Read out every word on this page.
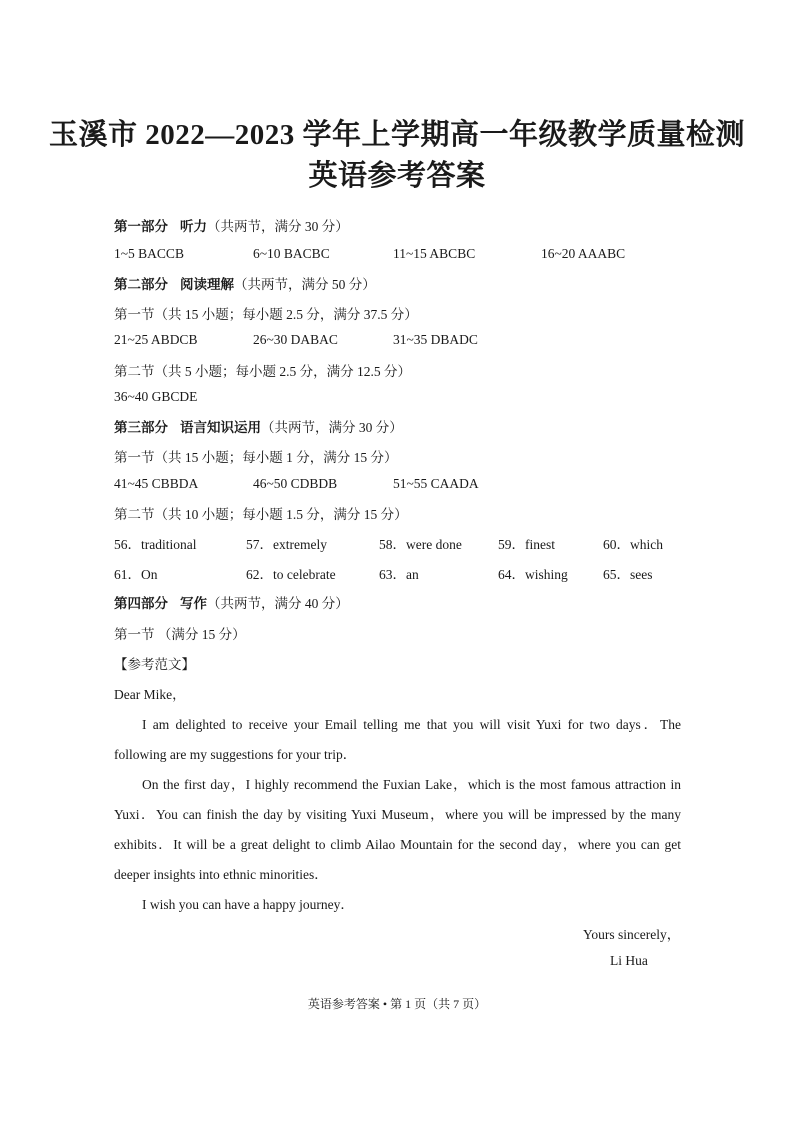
玉溪市 2022—2023 学年上学期高一年级教学质量检测
英语参考答案
第一部分 听力（共两节，满分 30 分）
1~5 BACCB	6~10 BACBC	11~15 ABCBC	16~20 AAABC
第二部分 阅读理解（共两节，满分 50 分）
第一节（共 15 小题；每小题 2.5 分，满分 37.5 分）
21~25 ABDCB	26~30 DABAC	31~35 DBADC
第二节（共 5 小题；每小题 2.5 分，满分 12.5 分）
36~40 GBCDE
第三部分 语言知识运用（共两节，满分 30 分）
第一节（共 15 小题；每小题 1 分，满分 15 分）
41~45 CBBDA	46~50 CDBDB	51~55 CAADA
第二节（共 10 小题；每小题 1.5 分，满分 15 分）
56．traditional	57．extremely	58．were done	59．finest	60．which
61．On	62．to celebrate	63．an	64．wishing	65．sees
第四部分 写作（共两节，满分 40 分）
第一节 （满分 15 分）
【参考范文】
Dear Mike，
I am delighted to receive your Email telling me that you will visit Yuxi for two days．The
following are my suggestions for your trip．
On the first day，I highly recommend the Fuxian Lake，which is the most famous attraction in
Yuxi．You can finish the day by visiting Yuxi Museum，where you will be impressed by the many
exhibits．It will be a great delight to climb Ailao Mountain for the second day，where you can get
deeper insights into ethnic minorities．
I wish you can have a happy journey．
Yours sincerely，
Li Hua
英语参考答案 • 第 1 页（共 7 页）
